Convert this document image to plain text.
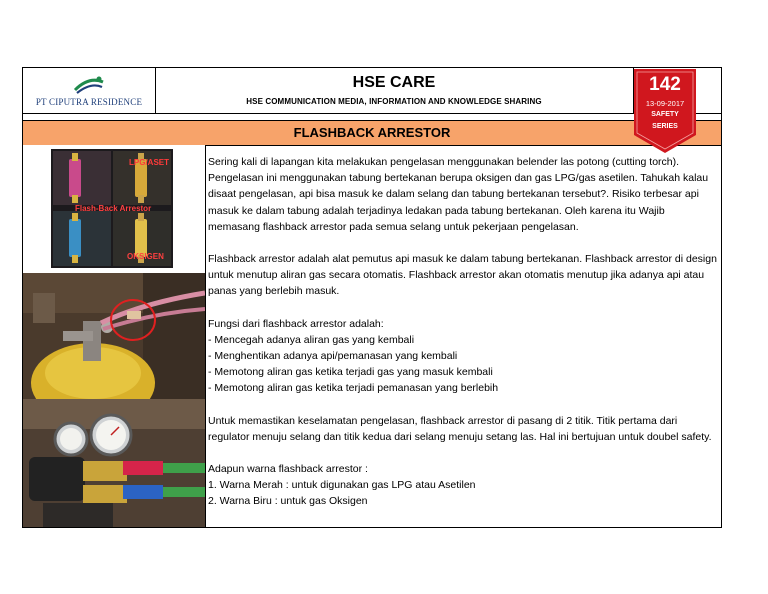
PT CIPUTRA RESIDENCE
HSE CARE
HSE COMMUNICATION MEDIA, INFORMATION AND KNOWLEDGE SHARING
142
13-09-2017
SAFETY
SERIES
FLASHBACK ARRESTOR
LPG/ASET
Flash-Back Arrestor
OKSIGEN

Sering kali di lapangan kita melakukan pengelasan menggunakan belender las potong (cutting torch). Pengelasan ini menggunakan tabung bertekanan berupa oksigen dan gas LPG/gas asetilen. Tahukah kalau disaat pengelasan, api bisa masuk ke dalam selang dan tabung bertekanan tersebut?. Risiko terbesar api masuk ke dalam tabung adalah terjadinya ledakan pada tabung bertekanan. Oleh karena itu Wajib memasang flashback arrestor pada semua selang untuk pekerjaan pengelasan.

Flashback arrestor adalah alat pemutus api masuk ke dalam tabung bertekanan. Flashback arrestor di design untuk menutup aliran gas secara otomatis. Flashback arrestor akan otomatis menutup jika adanya api atau panas yang berlebih masuk.

Fungsi dari flashback arrestor adalah:

- Mencegah adanya aliran gas yang kembali

- Menghentikan adanya api/pemanasan yang kembali

- Memotong aliran gas ketika terjadi gas yang masuk kembali

- Memotong aliran gas ketika terjadi pemanasan yang berlebih

Untuk memastikan keselamatan pengelasan, flashback arrestor di pasang di 2 titik. Titik pertama dari regulator menuju selang dan titik kedua dari selang menuju setang las. Hal ini bertujuan untuk doubel safety.

Adapun warna flashback arrestor :

1. Warna Merah : untuk digunakan gas LPG atau Asetilen

2. Warna Biru : untuk gas Oksigen
